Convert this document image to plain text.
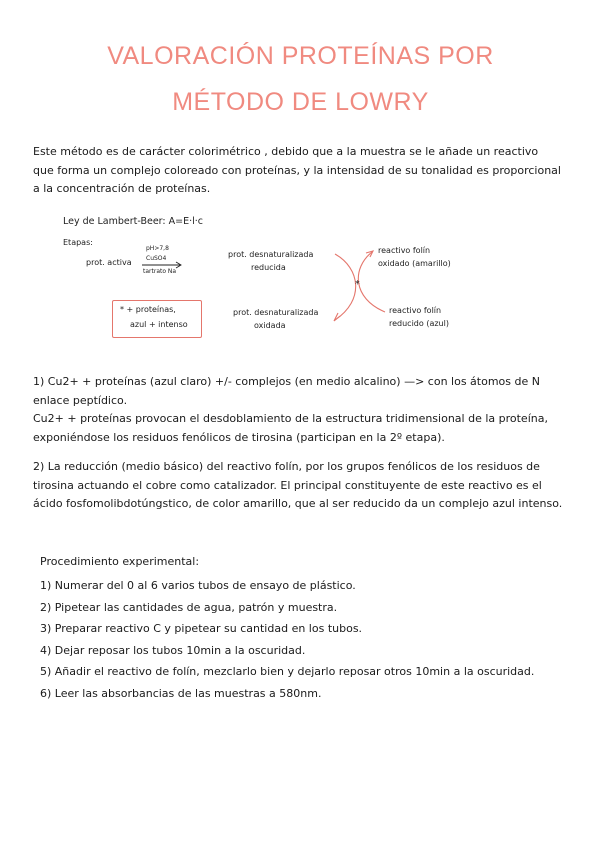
VALORACIÓN PROTEÍNAS POR
MÉTODO DE LOWRY

Este método es de carácter colorimétrico , debido que a la muestra se le añade un reactivo
que forma un complejo coloreado con proteínas, y la intensidad de su tonalidad es proporcional
a la concentración de proteínas.

Ley de Lambert-Beer: A=E·l·c
Etapas:
prot. activa
pH>7,8
CuSO4
tartrato Na
prot. desnaturalizada
reducida
prot. desnaturalizada
oxidada
reactivo folín
oxidado (amarillo)
reactivo folín
reducido (azul)
*
* + proteínas,
azul + intenso

1) Cu2+ + proteínas (azul claro) +/- complejos (en medio alcalino) —> con los átomos de N
enlace peptídico.
Cu2+ + proteínas provocan el desdoblamiento de la estructura tridimensional de la proteína,
exponiéndose los residuos fenólicos de tirosina (participan en la 2º etapa).

2) La reducción (medio básico) del reactivo folín, por los grupos fenólicos de los residuos de
tirosina actuando el cobre como catalizador. El principal constituyente de este reactivo es el
ácido fosfomolibdotúngstico, de color amarillo, que al ser reducido da un complejo azul intenso.

Procedimiento experimental:

1) Numerar del 0 al 6 varios tubos de ensayo de plástico.
2) Pipetear las cantidades de agua, patrón y muestra.
3) Preparar reactivo C y pipetear su cantidad en los tubos.
4) Dejar reposar los tubos 10min a la oscuridad.
5) Añadir el reactivo de folín, mezclarlo bien y dejarlo reposar otros 10min a la oscuridad.
6) Leer las absorbancias de las muestras a 580nm.
